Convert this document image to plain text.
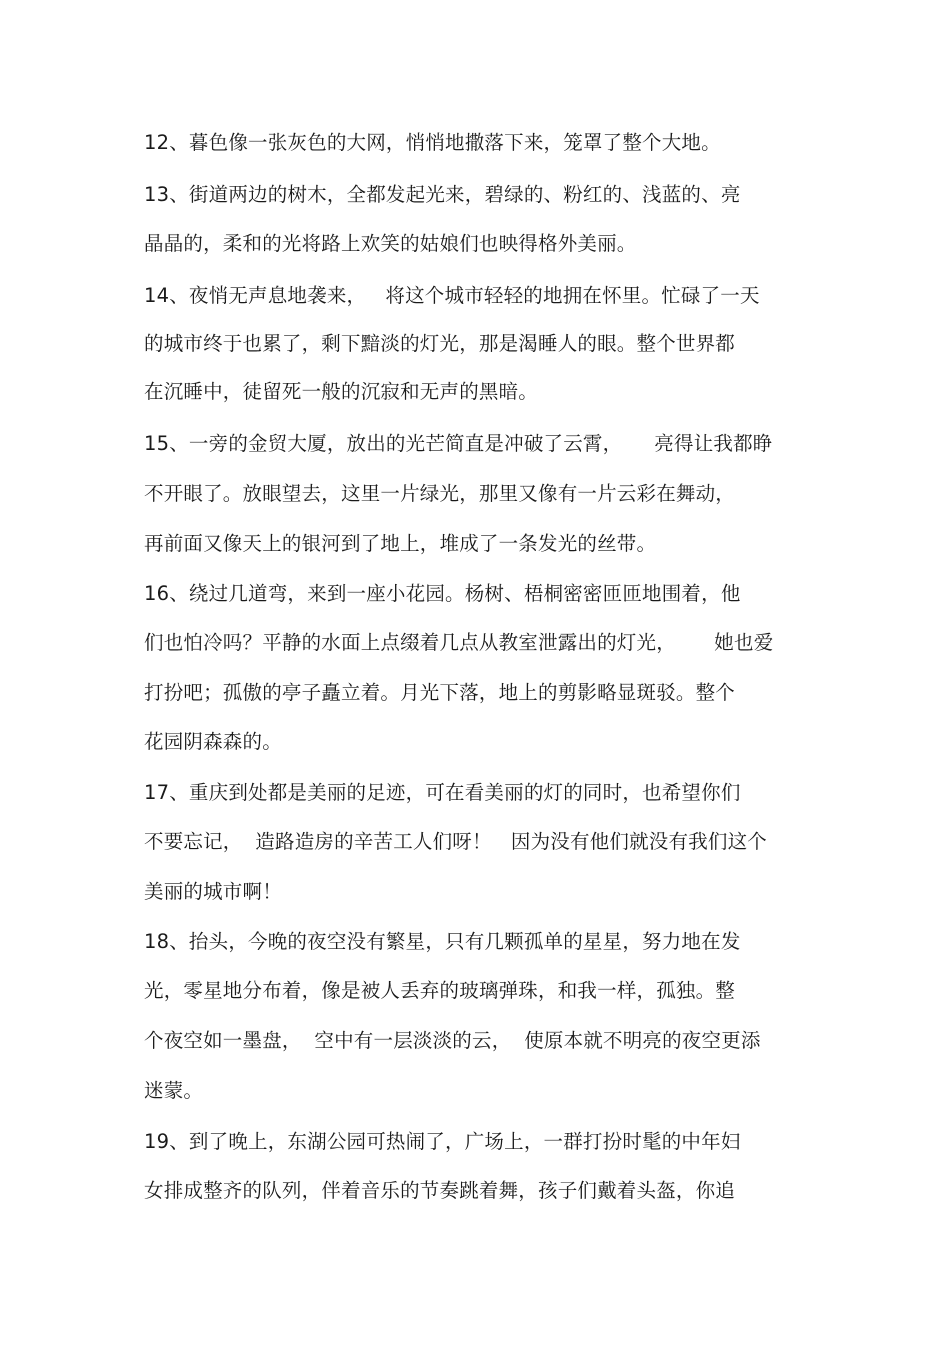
12、暮色像一张灰色的大网，悄悄地撒落下来，笼罩了整个大地。
13、街道两边的树木，全都发起光来，碧绿的、粉红的、浅蓝的、亮
晶晶的，柔和的光将路上欢笑的姑娘们也映得格外美丽。
14、夜悄无声息地袭来，   将这个城市轻轻的地拥在怀里。忙碌了一天
的城市终于也累了，剩下黯淡的灯光，那是渴睡人的眼。整个世界都
在沉睡中，徒留死一般的沉寂和无声的黑暗。
15、一旁的金贸大厦，放出的光芒简直是冲破了云霄，     亮得让我都睁
不开眼了。放眼望去，这里一片绿光，那里又像有一片云彩在舞动，
再前面又像天上的银河到了地上，堆成了一条发光的丝带。
16、绕过几道弯，来到一座小花园。杨树、梧桐密密匝匝地围着，他
们也怕冷吗？平静的水面上点缀着几点从教室泄露出的灯光，      她也爱
打扮吧；孤傲的亭子矗立着。月光下落，地上的剪影略显斑驳。整个
花园阴森森的。
17、重庆到处都是美丽的足迹，可在看美丽的灯的同时，也希望你们
不要忘记，  造路造房的辛苦工人们呀！   因为没有他们就没有我们这个
美丽的城市啊！
18、抬头，今晚的夜空没有繁星，只有几颗孤单的星星，努力地在发
光，零星地分布着，像是被人丢弃的玻璃弹珠，和我一样，孤独。整
个夜空如一墨盘，  空中有一层淡淡的云，  使原本就不明亮的夜空更添
迷蒙。
19、到了晚上，东湖公园可热闹了，广场上，一群打扮时髦的中年妇
女排成整齐的队列，伴着音乐的节奏跳着舞，孩子们戴着头盔，你追
